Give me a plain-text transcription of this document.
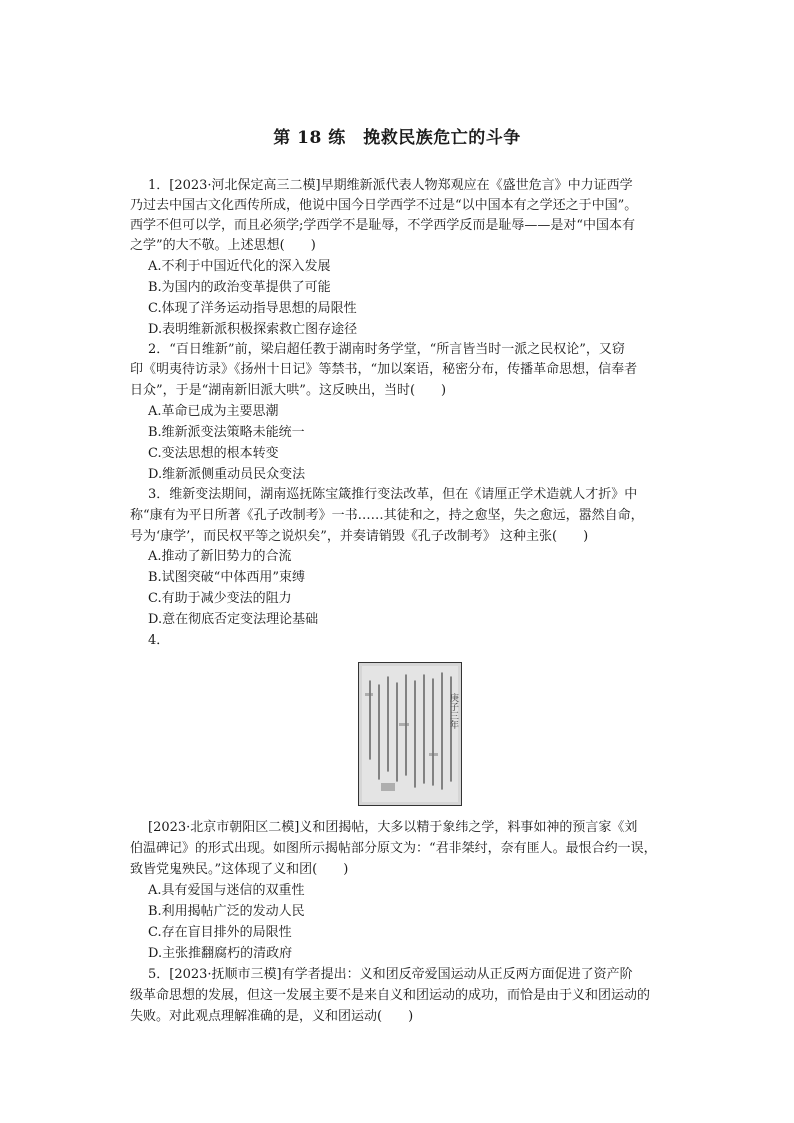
第 18 练　挽救民族危亡的斗争
1．[2023·河北保定高三二模]早期维新派代表人物郑观应在《盛世危言》中力证西学
乃过去中国古文化西传所成，他说中国今日学西学不过是“以中国本有之学还之于中国”。
西学不但可以学，而且必须学;学西学不是耻辱，不学西学反而是耻辱——是对“中国本有
之学”的大不敬。上述思想(　　)
A.不利于中国近代化的深入发展
B.为国内的政治变革提供了可能
C.体现了洋务运动指导思想的局限性
D.表明维新派积极探索救亡图存途径
2．“百日维新”前，梁启超任教于湖南时务学堂，“所言皆当时一派之民权论”，又窃
印《明夷待访录》《扬州十日记》等禁书，“加以案语，秘密分布，传播革命思想，信奉者
日众”，于是“湖南新旧派大哄”。这反映出，当时(　　)
A.革命已成为主要思潮
B.维新派变法策略未能统一
C.变法思想的根本转变
D.维新派侧重动员民众变法
3．维新变法期间，湖南巡抚陈宝箴推行变法改革，但在《请厘正学术造就人才折》中
称“康有为平日所著《孔子改制考》一书……其徒和之，持之愈坚，失之愈远，嚣然自命，
号为‘康学’，而民权平等之说炽矣”，并奏请销毁《孔子改制考》 这种主张(　　)
A.推动了新旧势力的合流
B.试图突破“中体西用”束缚
C.有助于减少变法的阻力
D.意在彻底否定变法理论基础
4．
庚子三年
[2023·北京市朝阳区二模]义和团揭帖，大多以精于象纬之学，料事如神的预言家《刘
伯温碑记》的形式出现。如图所示揭帖部分原文为：“君非桀纣，奈有匪人。最恨合约一误，
致皆党鬼殃民。”这体现了义和团(　　)
A.具有爱国与迷信的双重性
B.利用揭帖广泛的发动人民
C.存在盲目排外的局限性
D.主张推翻腐朽的清政府
5．[2023·抚顺市三模]有学者提出：义和团反帝爱国运动从正反两方面促进了资产阶
级革命思想的发展，但这一发展主要不是来自义和团运动的成功，而恰是由于义和团运动的
失败。对此观点理解准确的是，义和团运动(　　)
